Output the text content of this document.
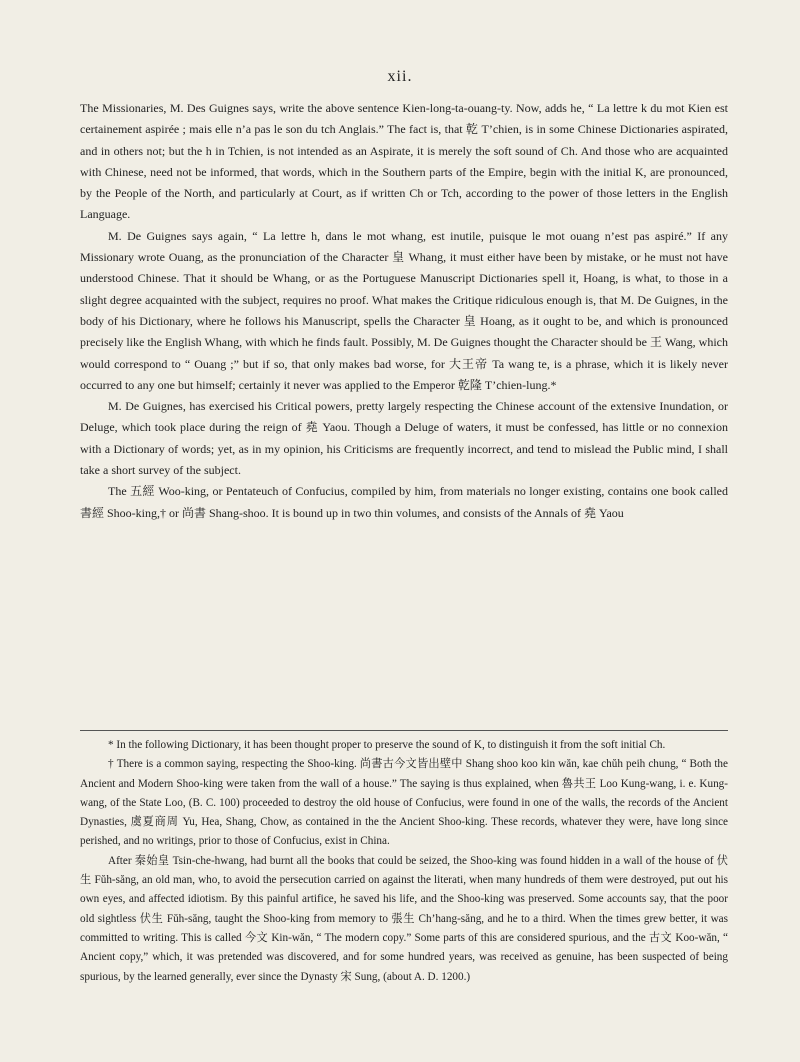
xii.

The Missionaries, M. Des Guignes says, write the above sentence Kien-long-ta-ouang-ty. Now, adds he, “ La lettre k du mot Kien est certainement aspirée ; mais elle n’a pas le son du tch Anglais.” The fact is, that 乾 T’chien, is in some Chinese Dictionaries aspirated, and in others not; but the h in Tchien, is not intended as an Aspirate, it is merely the soft sound of Ch. And those who are acquainted with Chinese, need not be informed, that words, which in the Southern parts of the Empire, begin with the initial K, are pronounced, by the People of the North, and particularly at Court, as if written Ch or Tch, according to the power of those letters in the English Language.

M. De Guignes says again, “ La lettre h, dans le mot whang, est inutile, puisque le mot ouang n’est pas aspiré.” If any Missionary wrote Ouang, as the pronunciation of the Character 皇 Whang, it must either have been by mistake, or he must not have understood Chinese. That it should be Whang, or as the Portuguese Manuscript Dictionaries spell it, Hoang, is what, to those in a slight degree acquainted with the subject, requires no proof. What makes the Critique ridiculous enough is, that M. De Guignes, in the body of his Dictionary, where he follows his Manuscript, spells the Character 皇 Hoang, as it ought to be, and which is pronounced precisely like the English Whang, with which he finds fault. Possibly, M. De Guignes thought the Character should be 王 Wang, which would correspond to “ Ouang ;” but if so, that only makes bad worse, for 大王帝 Ta wang te, is a phrase, which it is likely never occurred to any one but himself; certainly it never was applied to the Emperor 乾隆 T’chien-lung.*

M. De Guignes, has exercised his Critical powers, pretty largely respecting the Chinese account of the extensive Inundation, or Deluge, which took place during the reign of 堯 Yaou. Though a Deluge of waters, it must be confessed, has little or no connexion with a Dictionary of words; yet, as in my opinion, his Criticisms are frequently incorrect, and tend to mislead the Public mind, I shall take a short survey of the subject.

The 五經 Woo-king, or Pentateuch of Confucius, compiled by him, from materials no longer existing, contains one book called 書經 Shoo-king,† or 尚書 Shang-shoo. It is bound up in two thin volumes, and consists of the Annals of 堯 Yaou

* In the following Dictionary, it has been thought proper to preserve the sound of K, to distinguish it from the soft initial Ch.

† There is a common saying, respecting the Shoo-king. 尚書古今文皆出壁中 Shang shoo koo kin wăn, kae chŭh peih chung, “ Both the Ancient and Modern Shoo-king were taken from the wall of a house.” The saying is thus explained, when 魯共王 Loo Kung-wang, i. e. Kung-wang, of the State Loo, (B. C. 100) proceeded to destroy the old house of Confucius, were found in one of the walls, the records of the Ancient Dynasties, 虞夏商周 Yu, Hea, Shang, Chow, as contained in the the Ancient Shoo-king. These records, whatever they were, have long since perished, and no writings, prior to those of Confucius, exist in China.

After 秦始皇 Tsin-che-hwang, had burnt all the books that could be seized, the Shoo-king was found hidden in a wall of the house of 伏生 Fŭh-săng, an old man, who, to avoid the persecution carried on against the literati, when many hundreds of them were destroyed, put out his own eyes, and affected idiotism. By this painful artifice, he saved his life, and the Shoo-king was preserved. Some accounts say, that the poor old sightless 伏生 Fŭh-săng, taught the Shoo-king from memory to 張生 Ch’hang-săng, and he to a third. When the times grew better, it was committed to writing. This is called 今文 Kin-wăn, “ The modern copy.” Some parts of this are considered spurious, and the 古文 Koo-wăn, “ Ancient copy,” which, it was pretended was discovered, and for some hundred years, was received as genuine, has been suspected of being spurious, by the learned generally, ever since the Dynasty 宋 Sung, (about A. D. 1200.)
